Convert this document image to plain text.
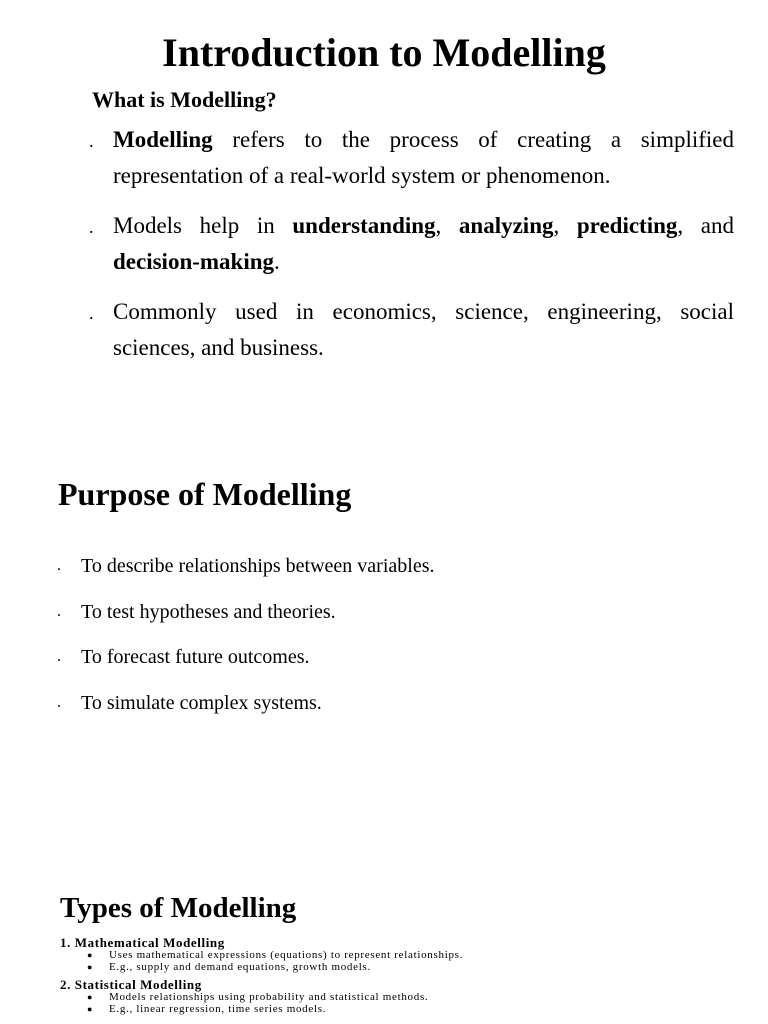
Introduction to Modelling
What is Modelling?
. Modelling refers to the process of creating a simplified representation of a real-world system or phenomenon.
. Models help in understanding, analyzing, predicting, and decision-making.
. Commonly used in economics, science, engineering, social sciences, and business.
Purpose of Modelling
. To describe relationships between variables.
. To test hypotheses and theories.
. To forecast future outcomes.
. To simulate complex systems.
Types of Modelling
1. Mathematical Modelling
● Uses mathematical expressions (equations) to represent relationships.
● E.g., supply and demand equations, growth models.
2. Statistical Modelling
● Models relationships using probability and statistical methods.
● E.g., linear regression, time series models.
